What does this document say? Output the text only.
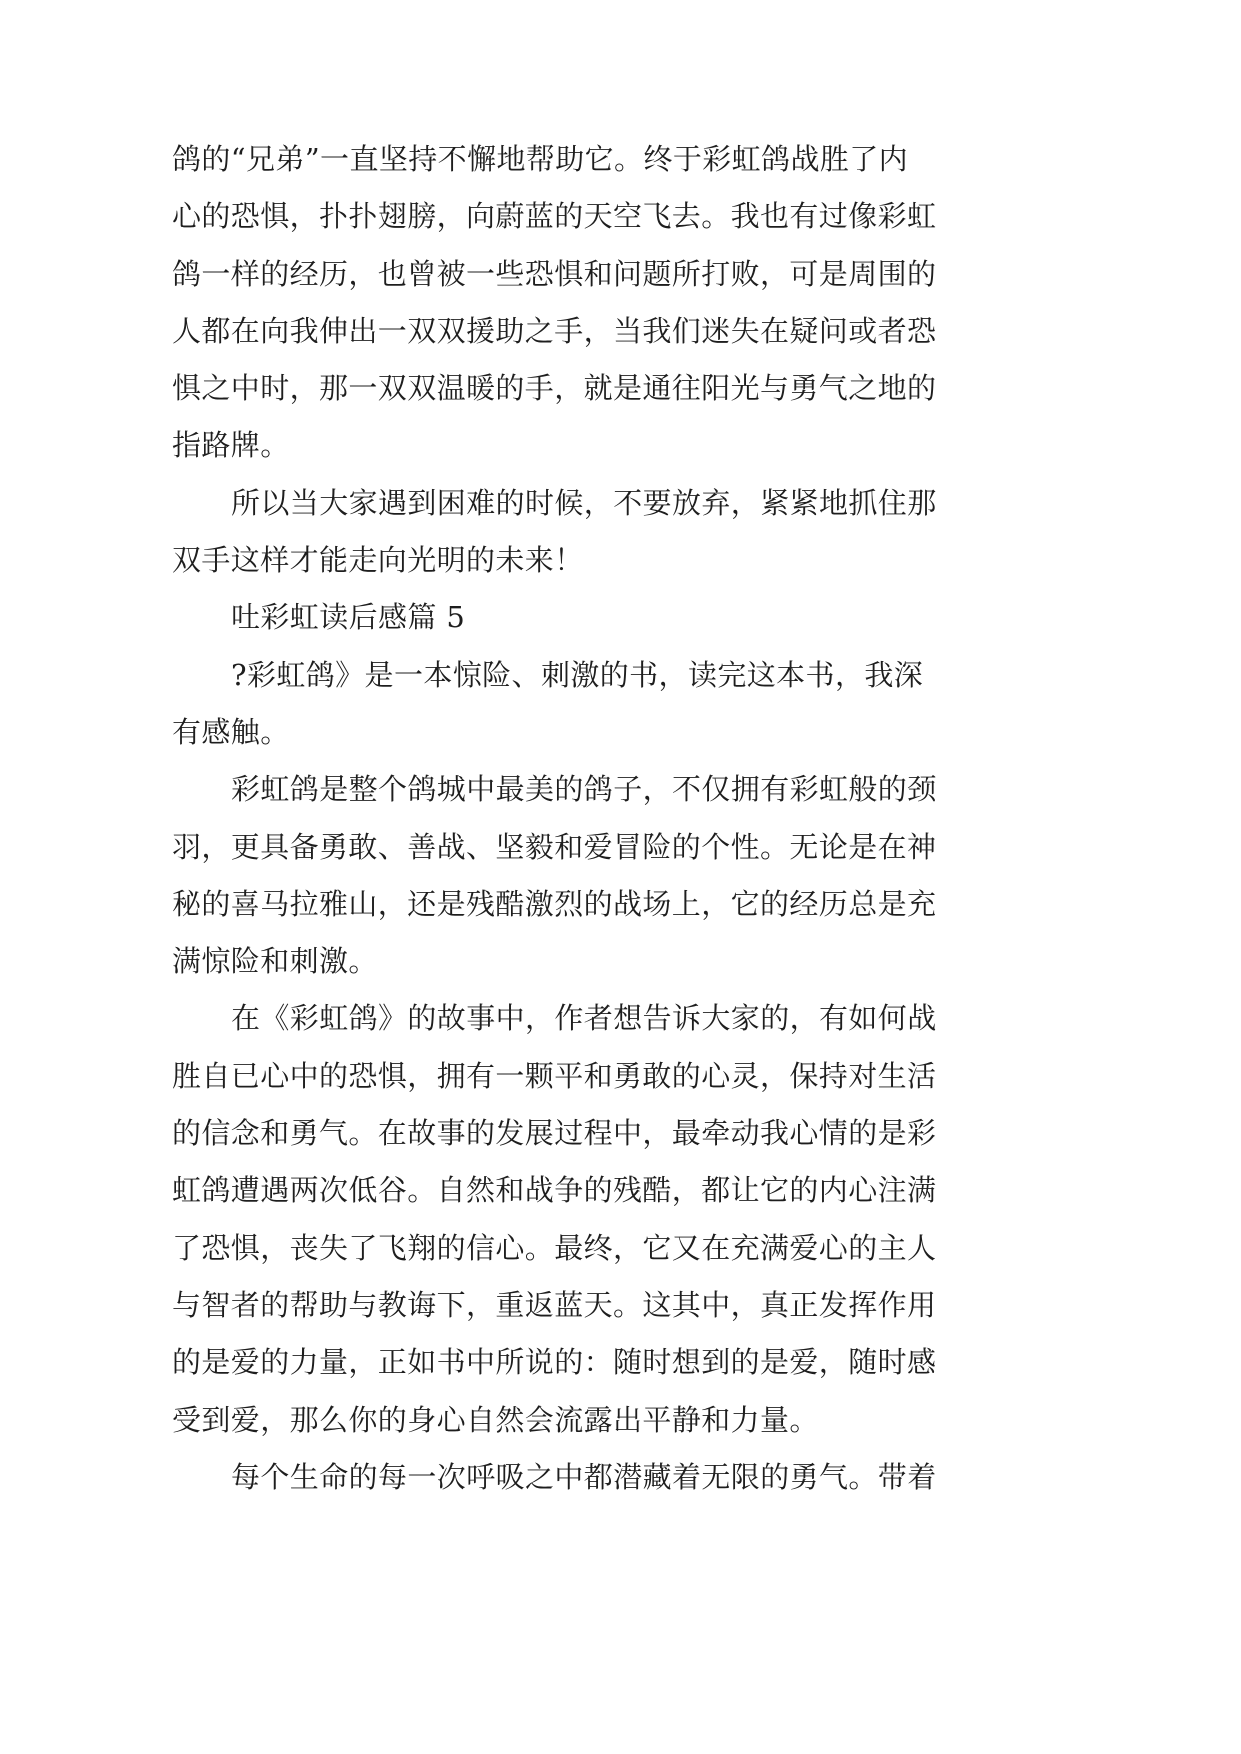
鸽的“兄弟”一直坚持不懈地帮助它。终于彩虹鸽战胜了内
心的恐惧，扑扑翅膀，向蔚蓝的天空飞去。我也有过像彩虹
鸽一样的经历，也曾被一些恐惧和问题所打败，可是周围的
人都在向我伸出一双双援助之手，当我们迷失在疑问或者恐
惧之中时，那一双双温暖的手，就是通往阳光与勇气之地的
指路牌。
所以当大家遇到困难的时候，不要放弃，紧紧地抓住那
双手这样才能走向光明的未来！
吐彩虹读后感篇 5
?彩虹鸽》是一本惊险、刺激的书，读完这本书，我深
有感触。
彩虹鸽是整个鸽城中最美的鸽子，不仅拥有彩虹般的颈
羽，更具备勇敢、善战、坚毅和爱冒险的个性。无论是在神
秘的喜马拉雅山，还是残酷激烈的战场上，它的经历总是充
满惊险和刺激。
在《彩虹鸽》的故事中，作者想告诉大家的，有如何战
胜自已心中的恐惧，拥有一颗平和勇敢的心灵，保持对生活
的信念和勇气。在故事的发展过程中，最牵动我心情的是彩
虹鸽遭遇两次低谷。自然和战争的残酷，都让它的内心注满
了恐惧，丧失了飞翔的信心。最终，它又在充满爱心的主人
与智者的帮助与教诲下，重返蓝天。这其中，真正发挥作用
的是爱的力量，正如书中所说的：随时想到的是爱，随时感
受到爱，那么你的身心自然会流露出平静和力量。
每个生命的每一次呼吸之中都潜藏着无限的勇气。带着
